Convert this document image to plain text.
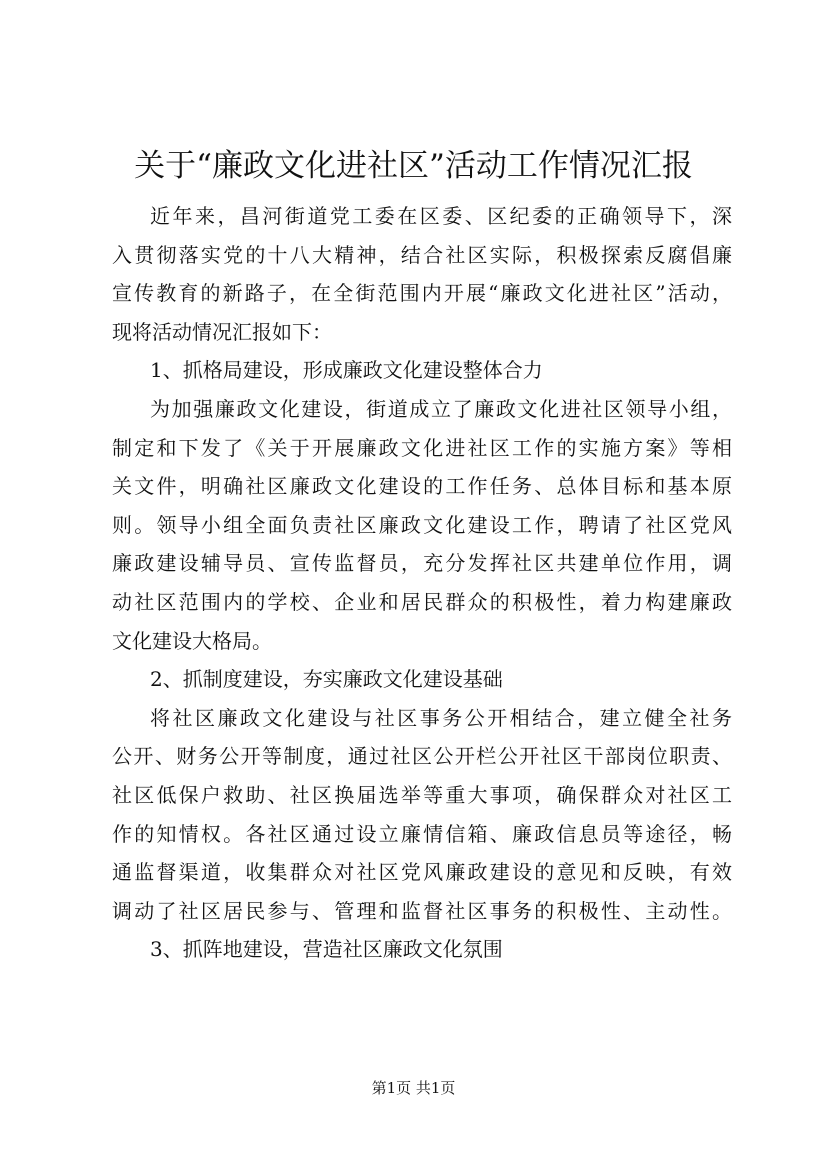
关于“廉政文化进社区”活动工作情况汇报
近年来，昌河街道党工委在区委、区纪委的正确领导下，深
入贯彻落实党的十八大精神，结合社区实际，积极探索反腐倡廉
宣传教育的新路子，在全街范围内开展“廉政文化进社区”活动，
现将活动情况汇报如下：
1、抓格局建设，形成廉政文化建设整体合力
为加强廉政文化建设，街道成立了廉政文化进社区领导小组，
制定和下发了《关于开展廉政文化进社区工作的实施方案》等相
关文件，明确社区廉政文化建设的工作任务、总体目标和基本原
则。领导小组全面负责社区廉政文化建设工作，聘请了社区党风
廉政建设辅导员、宣传监督员，充分发挥社区共建单位作用，调
动社区范围内的学校、企业和居民群众的积极性，着力构建廉政
文化建设大格局。
2、抓制度建设，夯实廉政文化建设基础
将社区廉政文化建设与社区事务公开相结合，建立健全社务
公开、财务公开等制度，通过社区公开栏公开社区干部岗位职责、
社区低保户救助、社区换届选举等重大事项，确保群众对社区工
作的知情权。各社区通过设立廉情信箱、廉政信息员等途径，畅
通监督渠道，收集群众对社区党风廉政建设的意见和反映，有效
调动了社区居民参与、管理和监督社区事务的积极性、主动性。
3、抓阵地建设，营造社区廉政文化氛围
第1页 共1页
